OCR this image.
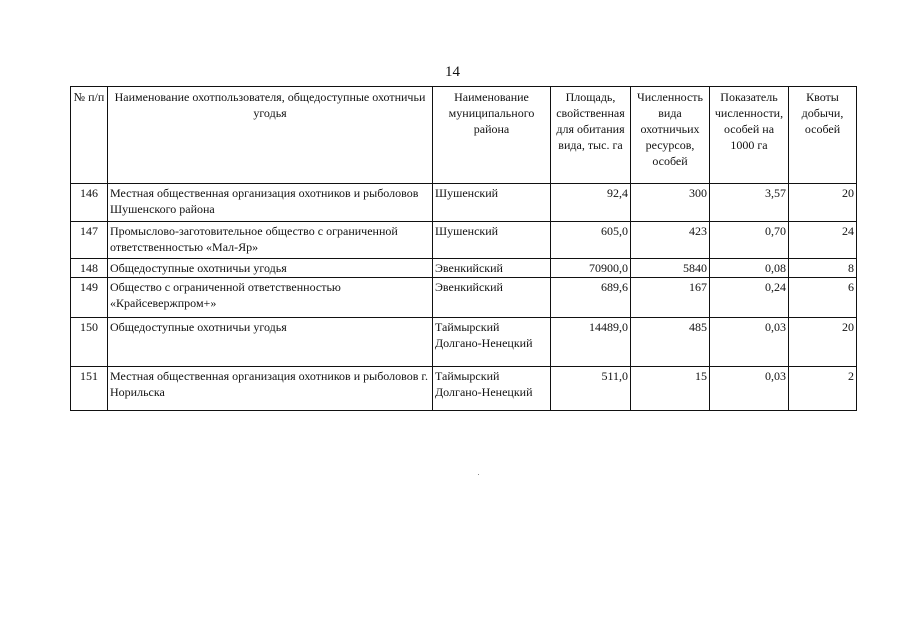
14
№ п/п	Наименование охотпользователя, общедоступные охотничьи угодья	Наименование муниципального района	Площадь, свойственная для обитания вида, тыс. га	Численность вида охотничьих ресурсов, особей	Показатель численности, особей на 1000 га	Квоты добычи, особей
146	Местная общественная организация охотников и рыболовов Шушенского района	Шушенский	92,4	300	3,57	20
147	Промыслово-заготовительное общество с ограниченной ответственностью «Мал-Яр»	Шушенский	605,0	423	0,70	24
148	Общедоступные охотничьи угодья	Эвенкийский	70900,0	5840	0,08	8
149	Общество с ограниченной ответственностью «Крайсевержпром+»	Эвенкийский	689,6	167	0,24	6
150	Общедоступные охотничьи угодья	Таймырский Долгано-Ненецкий	14489,0	485	0,03	20
151	Местная общественная организация охотников и рыболовов г. Норильска	Таймырский Долгано-Ненецкий	511,0	15	0,03	2
